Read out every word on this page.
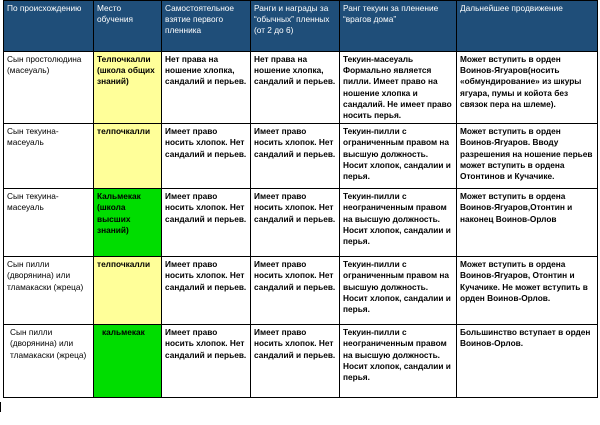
По происхождению	Место обучения	Самостоятельное взятие первого пленника	Ранги и награды за “обычных” пленных (от 2 до 6)	Ранг текуин за пленение “врагов дома”	Дальнейшее продвижение
Сын простолюдина (масеуаль)	Телпочкалли (школа общих знаний)	Нет права на ношение хлопка, сандалий и перьев.	Нет права на ношение хлопка, сандалий и перьев.	Текуин-масеуаль Формально является пилли. Имеет право на ношение хлопка и сандалий. Не имеет право носить перья.	Может вступить в орден Воинов-Ягуаров(носить «обмундирование» из шкуры ягуара, пумы и койота без связок пера на шлеме).
Сын текуина-масеуаль	телпочкалли	Имеет право носить хлопок. Нет сандалий и перьев.	Имеет право носить хлопок. Нет сандалий и перьев.	Текуин-пилли с ограниченным правом на высшую должность. Носит хлопок, сандалии и перья.	Может вступить в орден Воинов-Ягуаров. Вводу разрешения на ношение перьев может вступить в ордена Отонтинов и Кучачике.
Сын текуина-масеуаль	Кальмекак (школа высших знаний)	Имеет право носить хлопок. Нет сандалий и перьев.	Имеет право носить хлопок. Нет сандалий и перьев.	Текуин-пилли с неограниченным правом на высшую должность. Носит хлопок, сандалии и перья.	Может вступить в ордена Воинов-Ягуаров,Отонтин и наконец Воинов-Орлов
Сын пилли (дворянина) или тламакаски (жреца)	телпочкалли	Имеет право носить хлопок. Нет сандалий и перьев.	Имеет право носить хлопок. Нет сандалий и перьев.	Текуин-пилли с ограниченным правом на высшую должность. Носит хлопок, сандалии и перья.	Может вступить в ордена Воинов-Ягуаров, Отонтин и Кучачике. Не может вступить в орден Воинов-Орлов.
Сын пилли (дворянина) или тламакаски (жреца)	кальмекак	Имеет право носить хлопок. Нет сандалий и перьев.	Имеет право носить хлопок. Нет сандалий и перьев.	Текуин-пилли с неограниченным правом на высшую должность. Носит хлопок, сандалии и перья.	Большинство вступает в орден Воинов-Орлов.
